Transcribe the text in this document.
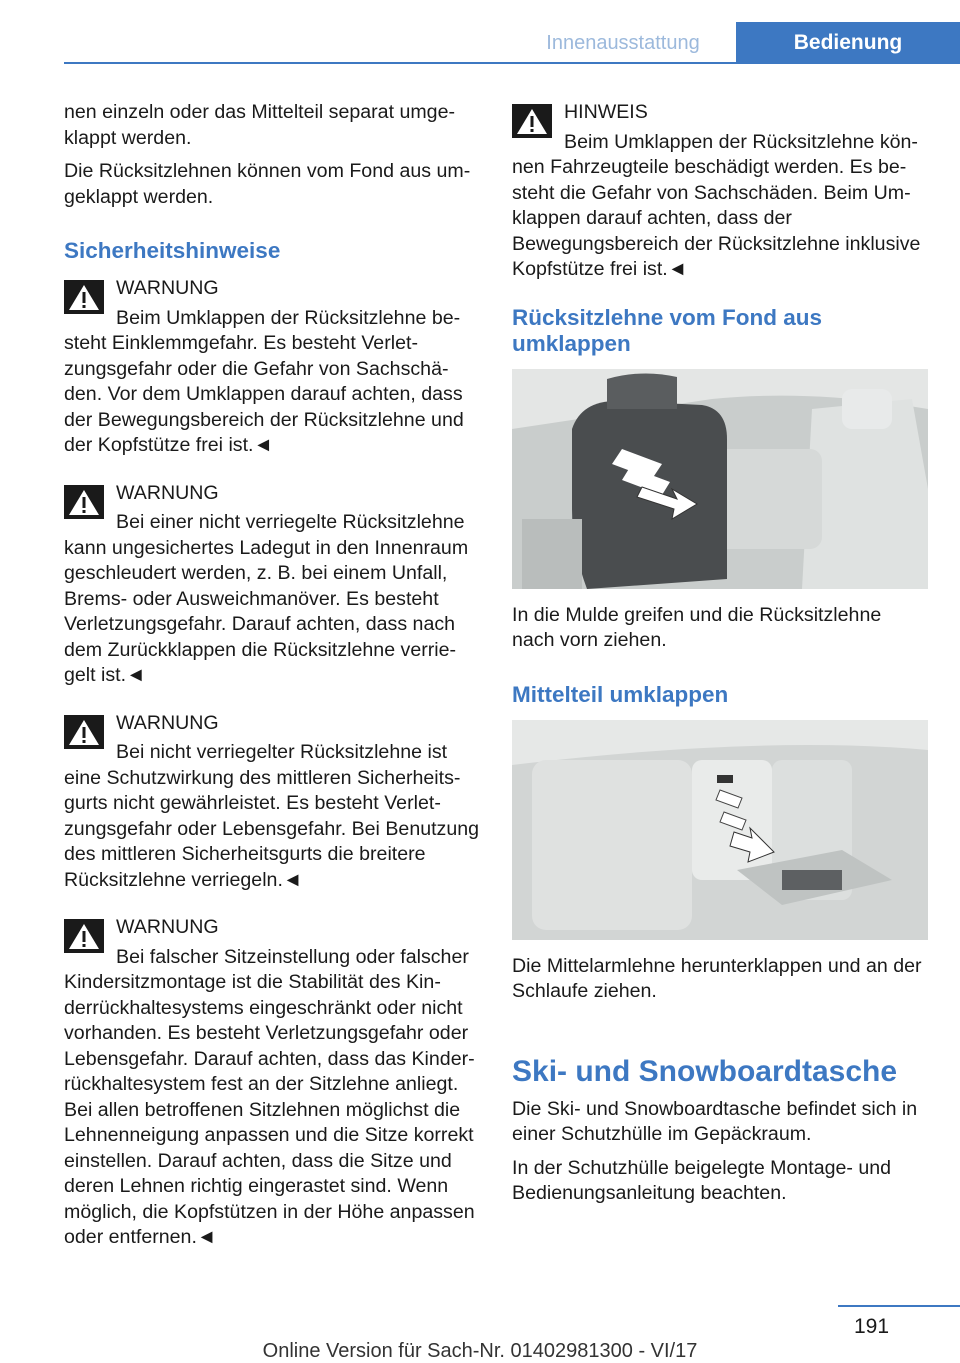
Innenausstattung	Bedienung

nen einzeln oder das Mittelteil separat umgeklappt werden.

Die Rücksitzlehnen können vom Fond aus umgeklappt werden.

Sicherheitshinweise
WARNUNG

Beim Umklappen der Rücksitzlehne besteht Einklemmgefahr. Es besteht Verletzungsgefahr oder die Gefahr von Sachschäden. Vor dem Umklappen darauf achten, dass der Bewegungsbereich der Rücksitzlehne und der Kopfstütze frei ist.◄

WARNUNG

Bei einer nicht verriegelte Rücksitzlehne kann ungesichertes Ladegut in den Innenraum geschleudert werden, z. B. bei einem Unfall, Brems- oder Ausweichmanöver. Es besteht Verletzungsgefahr. Darauf achten, dass nach dem Zurückklappen die Rücksitzlehne verriegelt ist.◄

WARNUNG

Bei nicht verriegelter Rücksitzlehne ist eine Schutzwirkung des mittleren Sicherheitsgurts nicht gewährleistet. Es besteht Verletzungsgefahr oder Lebensgefahr. Bei Benutzung des mittleren Sicherheitsgurts die breitere Rücksitzlehne verriegeln.◄

WARNUNG

Bei falscher Sitzeinstellung oder falscher Kindersitzmontage ist die Stabilität des Kinderrückhaltesystems eingeschränkt oder nicht vorhanden. Es besteht Verletzungsgefahr oder Lebensgefahr. Darauf achten, dass das Kinderrückhaltesystem fest an der Sitzlehne anliegt. Bei allen betroffenen Sitzlehnen möglichst die Lehnenneigung anpassen und die Sitze korrekt einstellen. Darauf achten, dass die Sitze und deren Lehnen richtig eingerastet sind. Wenn möglich, die Kopfstützen in der Höhe anpassen oder entfernen.◄

HINWEIS

Beim Umklappen der Rücksitzlehne können Fahrzeugteile beschädigt werden. Es besteht die Gefahr von Sachschäden. Beim Umklappen darauf achten, dass der Bewegungsbereich der Rücksitzlehne inklusive Kopfstütze frei ist.◄

Rücksitzlehne vom Fond aus umklappen

In die Mulde greifen und die Rücksitzlehne nach vorn ziehen.

Mittelteil umklappen

Die Mittelarmlehne herunterklappen und an der Schlaufe ziehen.

Ski- und Snowboardtasche

Die Ski- und Snowboardtasche befindet sich in einer Schutzhülle im Gepäckraum.

In der Schutzhülle beigelegte Montage- und Bedienungsanleitung beachten.

191
Online Version für Sach-Nr. 01402981300 - VI/17
